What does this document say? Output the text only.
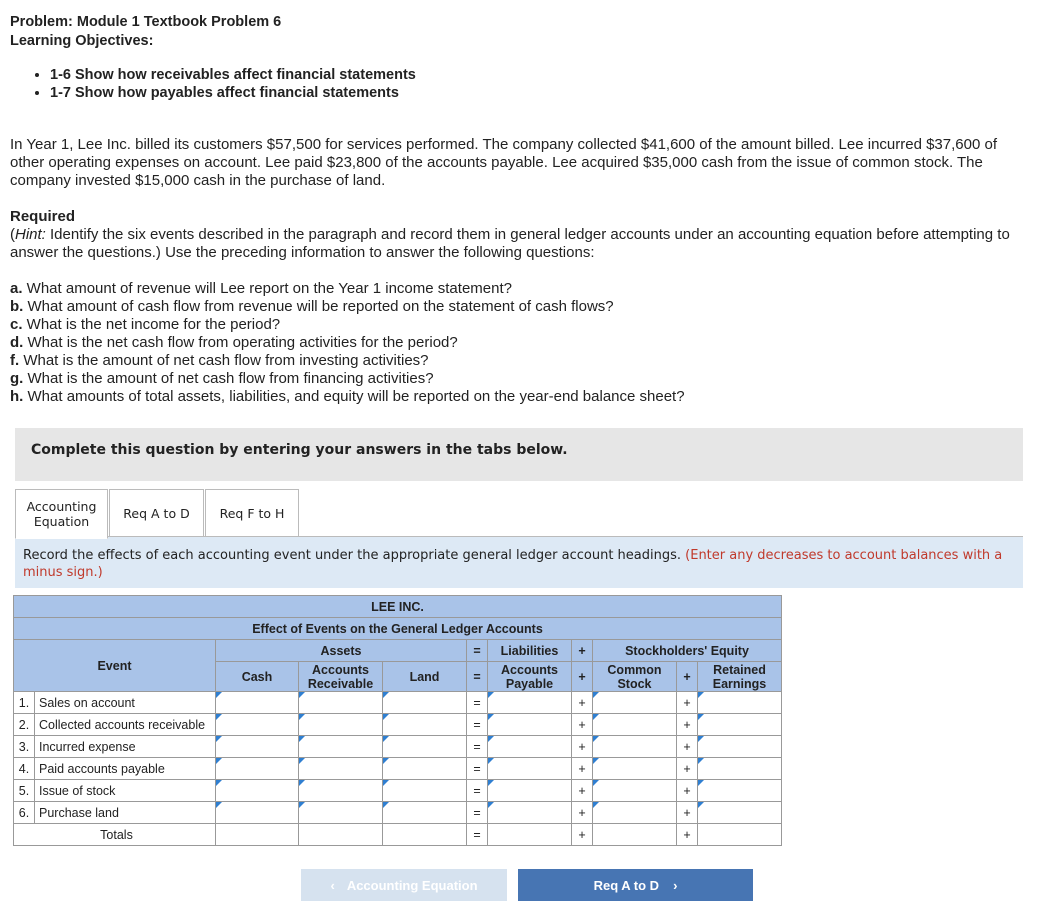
Problem: Module 1 Textbook Problem 6
Learning Objectives:
• 1-6 Show how receivables affect financial statements
• 1-7 Show how payables affect financial statements
In Year 1, Lee Inc. billed its customers $57,500 for services performed. The company collected $41,600 of the amount billed. Lee incurred $37,600 of other operating expenses on account. Lee paid $23,800 of the accounts payable. Lee acquired $35,000 cash from the issue of common stock. The company invested $15,000 cash in the purchase of land.
Required
(Hint: Identify the six events described in the paragraph and record them in general ledger accounts under an accounting equation before attempting to answer the questions.) Use the preceding information to answer the following questions:
a. What amount of revenue will Lee report on the Year 1 income statement?
b. What amount of cash flow from revenue will be reported on the statement of cash flows?
c. What is the net income for the period?
d. What is the net cash flow from operating activities for the period?
f. What is the amount of net cash flow from investing activities?
g. What is the amount of net cash flow from financing activities?
h. What amounts of total assets, liabilities, and equity will be reported on the year-end balance sheet?
Complete this question by entering your answers in the tabs below.
Accounting
Equation
Req A to D Req F to H
Record the effects of each accounting event under the appropriate general ledger account headings. (Enter any decreases to account balances with a minus sign.)
LEE INC.										
Effect of Events on the General Ledger Accounts										
Event		Assets			=	Liabilities	+	Stockholders' Equity		
		Cash	Accounts
Receivable	Land	=	Accounts
Payable	+	Common
Stock	+	Retained
Earnings
1.	Sales on account				=		+		+	

2.	Collected accounts receivable				=		+		+	

3.	Incurred expense				=		+		+	

4.	Paid accounts payable				=		+		+	

5.	Issue of stock				=		+		+	

6.	Purchase land				=		+		+	

Totals					=		+		+	
‹ Accounting Equation	Req A to D ›
